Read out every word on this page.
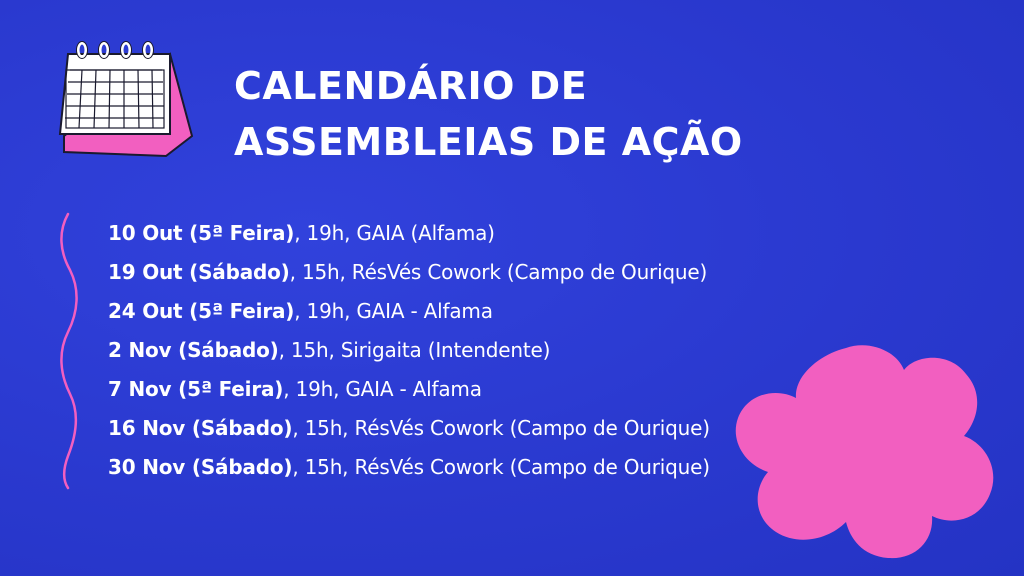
CALENDÁRIO DE
ASSEMBLEIAS DE AÇÃO
10 Out (5ª Feira), 19h, GAIA (Alfama)
19 Out (Sábado), 15h, RésVés Cowork (Campo de Ourique)
24 Out (5ª Feira), 19h, GAIA - Alfama
2 Nov (Sábado), 15h, Sirigaita (Intendente)
7 Nov (5ª Feira), 19h, GAIA - Alfama
16 Nov (Sábado), 15h, RésVés Cowork (Campo de Ourique)
30 Nov (Sábado), 15h, RésVés Cowork (Campo de Ourique)
